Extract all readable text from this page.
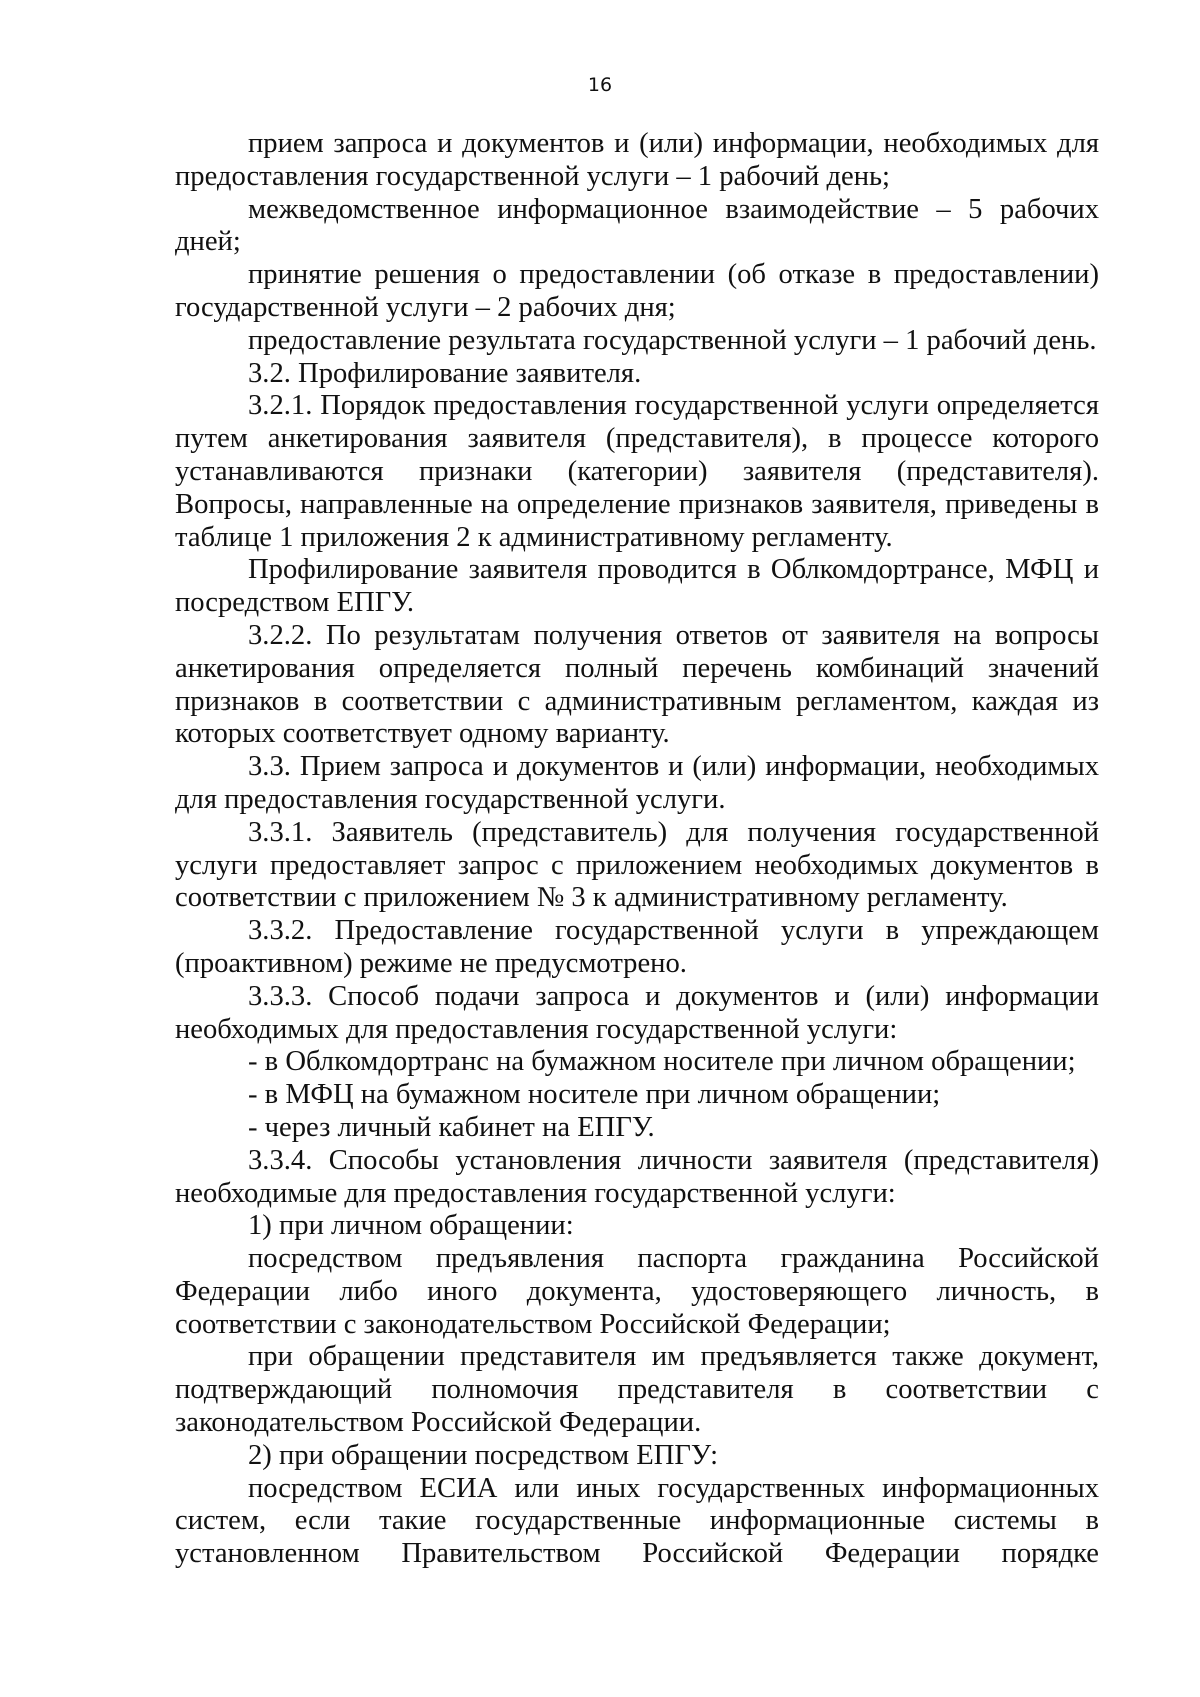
16

прием запроса и документов и (или) информации, необходимых для предоставления государственной услуги – 1 рабочий день;

межведомственное информационное взаимодействие – 5 рабочих дней;

принятие решения о предоставлении (об отказе в предоставлении) государственной услуги – 2 рабочих дня;

предоставление результата государственной услуги – 1 рабочий день.

3.2. Профилирование заявителя.

3.2.1. Порядок предоставления государственной услуги определяется путем анкетирования заявителя (представителя), в процессе которого устанавливаются признаки (категории) заявителя (представителя). Вопросы, направленные на определение признаков заявителя, приведены в таблице 1 приложения 2 к административному регламенту.

Профилирование заявителя проводится в Облкомдортрансе, МФЦ и посредством ЕПГУ.

3.2.2. По результатам получения ответов от заявителя на вопросы анкетирования определяется полный перечень комбинаций значений признаков в соответствии с административным регламентом, каждая из которых соответствует одному варианту.

3.3. Прием запроса и документов и (или) информации, необходимых для предоставления государственной услуги.

3.3.1. Заявитель (представитель) для получения государственной услуги предоставляет запрос с приложением необходимых документов в соответствии с приложением № 3 к административному регламенту.

3.3.2. Предоставление государственной услуги в упреждающем (проактивном) режиме не предусмотрено.

3.3.3. Способ подачи запроса и документов и (или) информации необходимых для предоставления государственной услуги:

- в Облкомдортранс на бумажном носителе при личном обращении;

- в МФЦ на бумажном носителе при личном обращении;

- через личный кабинет на ЕПГУ.

3.3.4. Способы установления личности заявителя (представителя) необходимые для предоставления государственной услуги:

1) при личном обращении:

посредством предъявления паспорта гражданина Российской Федерации либо иного документа, удостоверяющего личность, в соответствии с законодательством Российской Федерации;

при обращении представителя им предъявляется также документ, подтверждающий полномочия представителя в соответствии с законодательством Российской Федерации.

2) при обращении посредством ЕПГУ:

посредством ЕСИА или иных государственных информационных систем, если такие государственные информационные системы в установленном Правительством Российской Федерации порядке
